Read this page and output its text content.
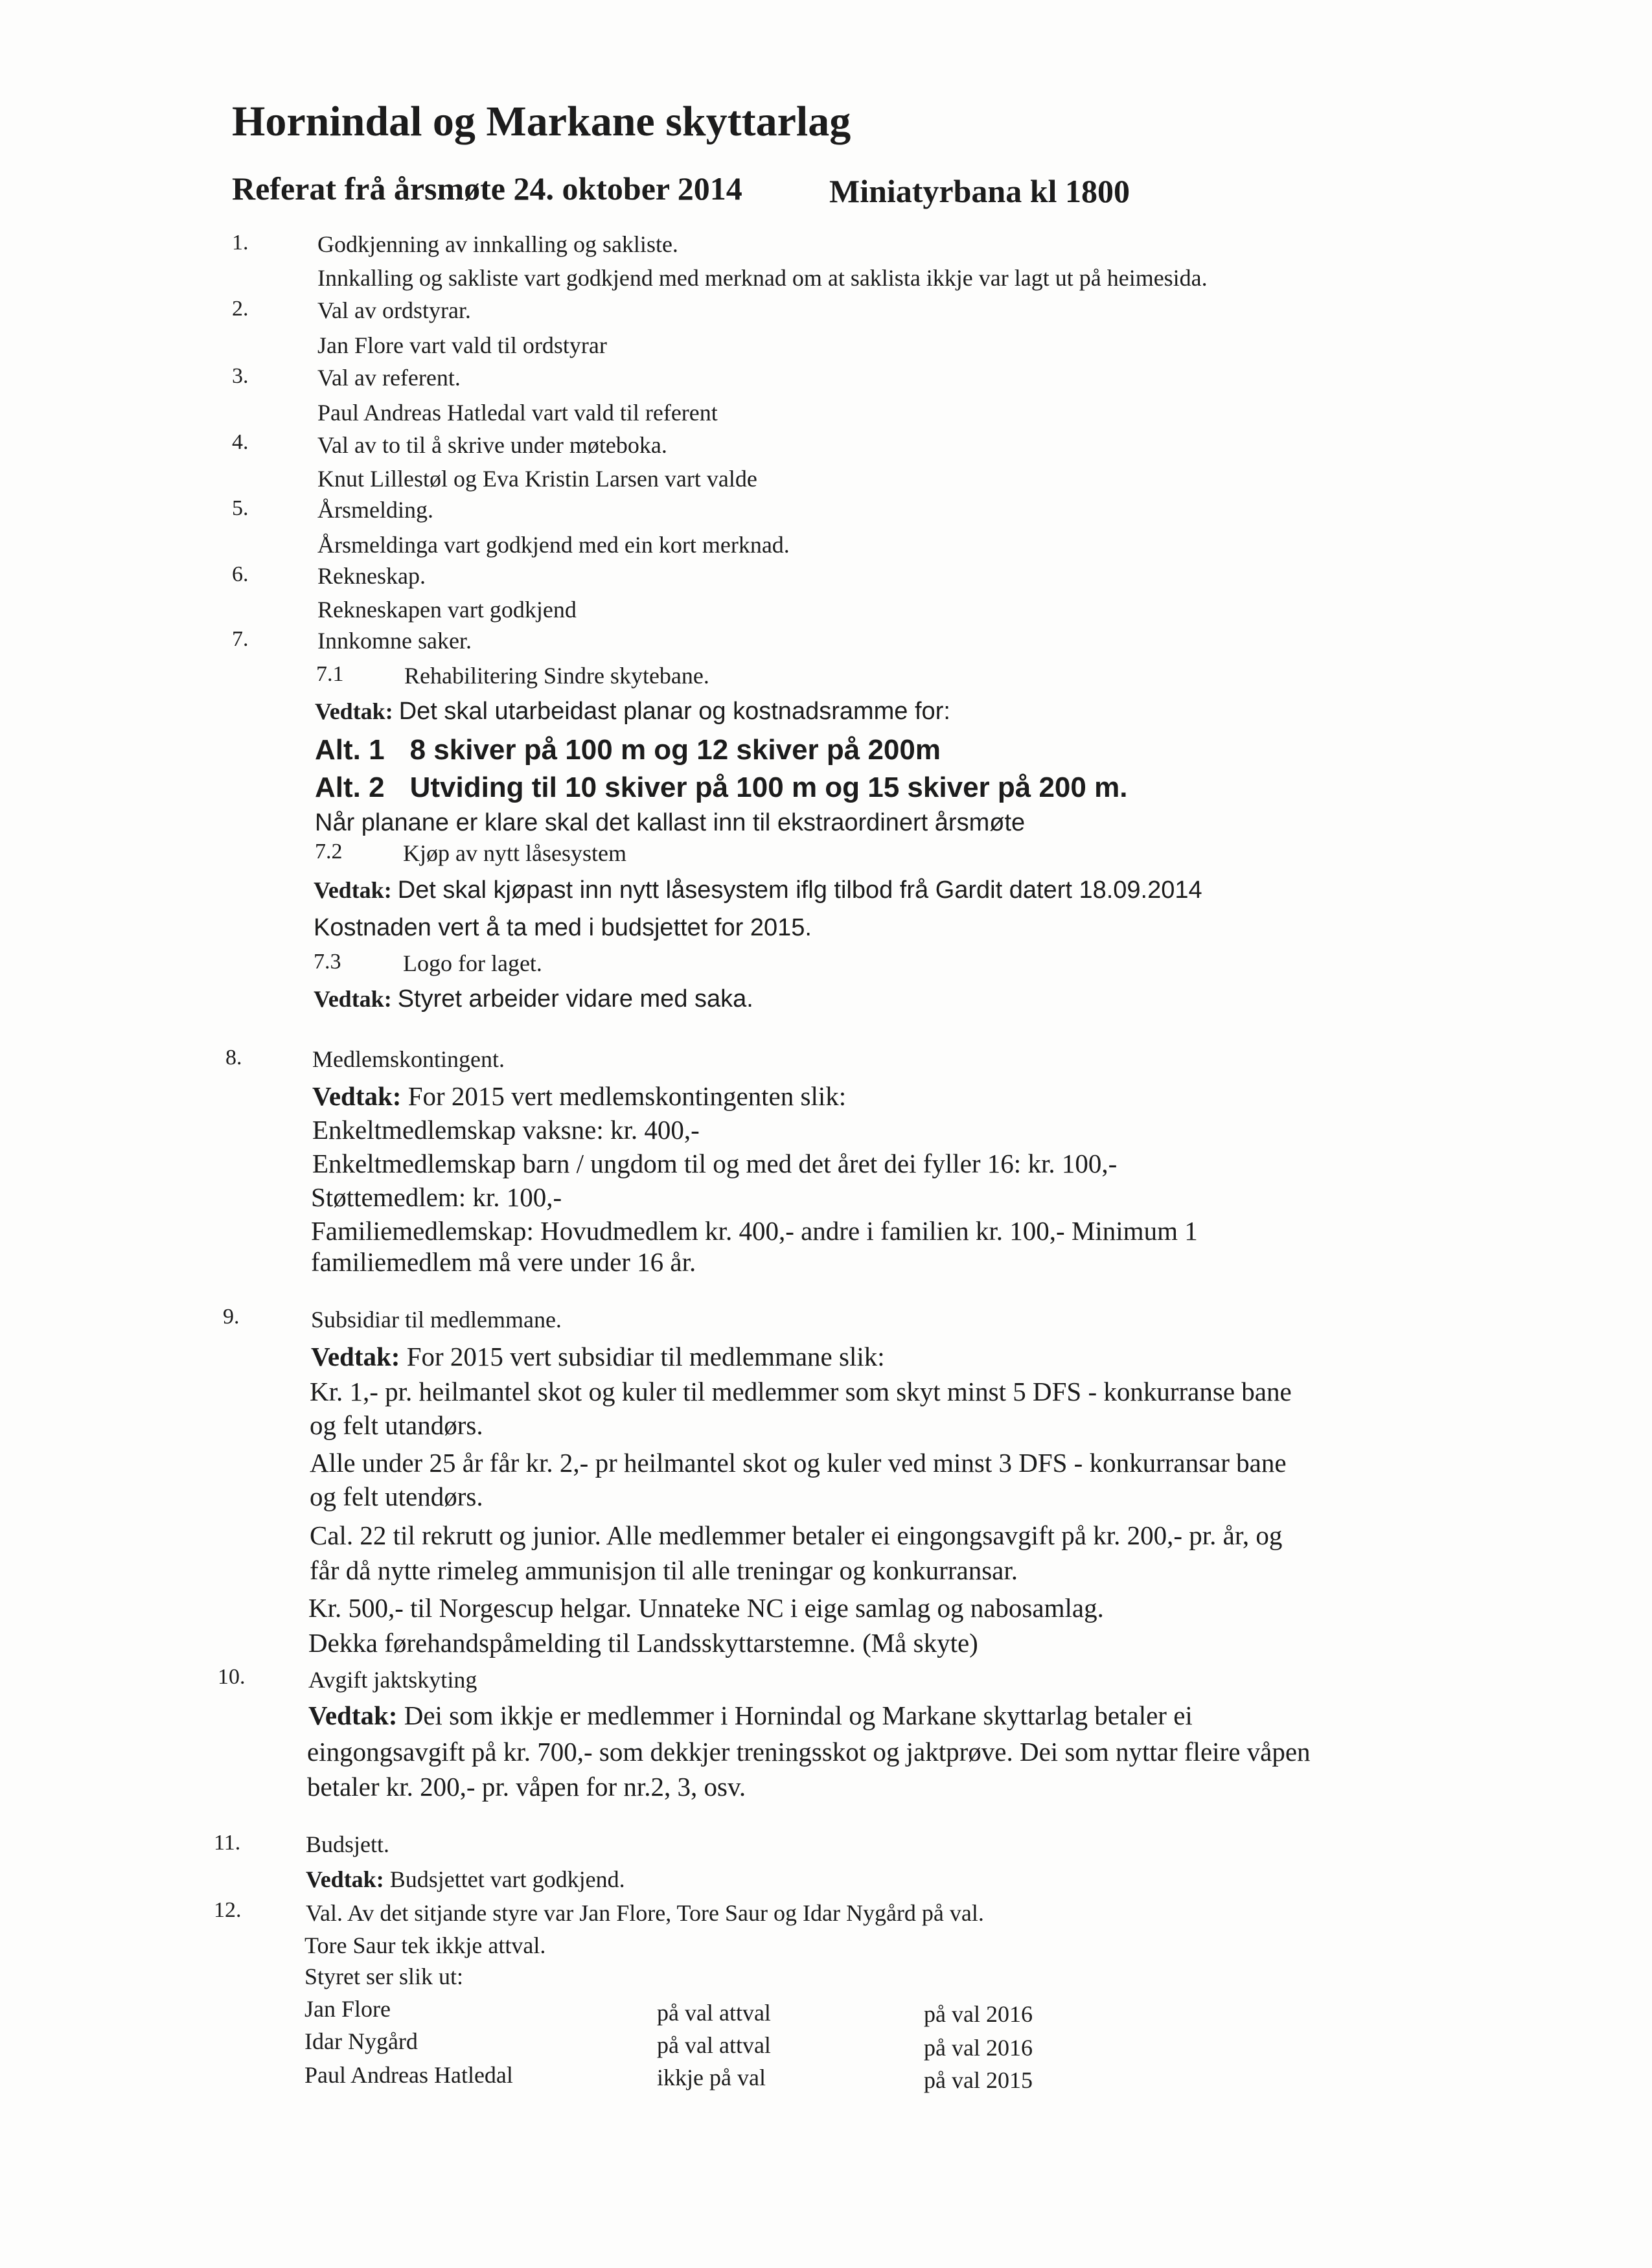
Hornindal og Markane skyttarlag
Referat frå årsmøte 24. oktober 2014	Miniatyrbana kl 1800
1.	Godkjenning av innkalling og sakliste.
Innkalling og sakliste vart godkjend med merknad om at saklista ikkje var lagt ut på heimesida.
2.	Val av ordstyrar.
Jan Flore vart vald til ordstyrar
3.	Val av referent.
Paul Andreas Hatledal vart vald til referent
4.	Val av to til å skrive under møteboka.
Knut Lillestøl og Eva Kristin Larsen vart valde
5.	Årsmelding.
Årsmeldinga vart godkjend med ein kort merknad.
6.	Rekneskap.
Rekneskapen vart godkjend
7.	Innkomne saker.
7.1	Rehabilitering Sindre skytebane.
Vedtak: Det skal utarbeidast planar og kostnadsramme for:
Alt. 1 8 skiver på 100 m og 12 skiver på 200m
Alt. 2 Utviding til 10 skiver på 100 m og 15 skiver på 200 m.
Når planane er klare skal det kallast inn til ekstraordinert årsmøte
7.2	Kjøp av nytt låsesystem
Vedtak: Det skal kjøpast inn nytt låsesystem iflg tilbod frå Gardit datert 18.09.2014
Kostnaden vert å ta med i budsjettet for 2015.
7.3	Logo for laget.
Vedtak: Styret arbeider vidare med saka.
8.	Medlemskontingent.
Vedtak: For 2015 vert medlemskontingenten slik:
Enkeltmedlemskap vaksne: kr. 400,-
Enkeltmedlemskap barn / ungdom til og med det året dei fyller 16: kr. 100,-
Støttemedlem: kr. 100,-
Familiemedlemskap: Hovudmedlem kr. 400,- andre i familien kr. 100,- Minimum 1
familiemedlem må vere under 16 år.
9.	Subsidiar til medlemmane.
Vedtak: For 2015 vert subsidiar til medlemmane slik:
Kr. 1,- pr. heilmantel skot og kuler til medlemmer som skyt minst 5 DFS - konkurranse bane
og felt utandørs.
Alle under 25 år får kr. 2,- pr heilmantel skot og kuler ved minst 3 DFS - konkurransar bane
og felt utendørs.
Cal. 22 til rekrutt og junior. Alle medlemmer betaler ei eingongsavgift på kr. 200,- pr. år, og
får då nytte rimeleg ammunisjon til alle treningar og konkurransar.
Kr. 500,- til Norgescup helgar. Unnateke NC i eige samlag og nabosamlag.
Dekka førehandspåmelding til Landsskyttarstemne. (Må skyte)
10.	Avgift jaktskyting
Vedtak: Dei som ikkje er medlemmer i Hornindal og Markane skyttarlag betaler ei
eingongsavgift på kr. 700,- som dekkjer treningsskot og jaktprøve. Dei som nyttar fleire våpen
betaler kr. 200,- pr. våpen for nr.2, 3, osv.
11.	Budsjett.
Vedtak: Budsjettet vart godkjend.
12.	Val. Av det sitjande styre var Jan Flore, Tore Saur og Idar Nygård på val.
Tore Saur tek ikkje attval.
Styret ser slik ut:
Jan Flore	på val attval	på val 2016
Idar Nygård	på val attval	på val 2016
Paul Andreas Hatledal	ikkje på val	på val 2015
